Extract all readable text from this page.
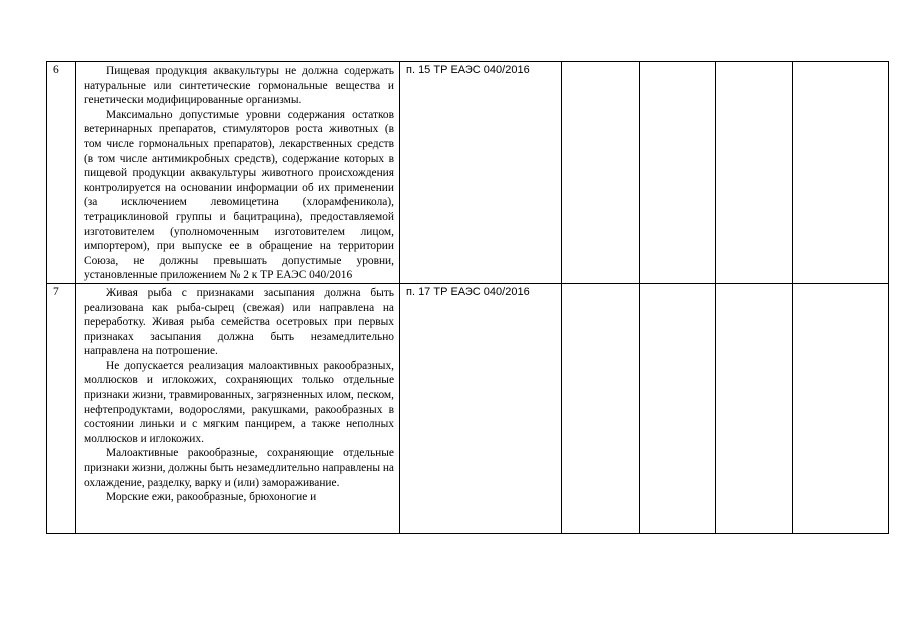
6	Пищевая продукция аквакультуры не должна содержать натуральные или синтетические гормональные вещества и генетически модифицированные организмы.

Максимально допустимые уровни содержания остатков ветеринарных препаратов, стимуляторов роста животных (в том числе гормональных препаратов), лекарственных средств (в том числе антимикробных средств), содержание которых в пищевой продукции аквакультуры животного происхождения контролируется на основании информации об их применении (за исключением левомицетина (хлорамфеникола), тетрациклиновой группы и бацитрацина), предоставляемой изготовителем (уполномоченным изготовителем лицом, импортером), при выпуске ее в обращение на территории Союза, не должны превышать допустимые уровни, установленные приложением № 2 к ТР ЕАЭС 040/2016	п. 15 ТР ЕАЭС 040/2016				
7	Живая рыба с признаками засыпания должна быть реализована как рыба-сырец (свежая) или направлена на переработку. Живая рыба семейства осетровых при первых признаках засыпания должна быть незамедлительно направлена на потрошение.

Не допускается реализация малоактивных ракообразных, моллюсков и иглокожих, сохраняющих только отдельные признаки жизни, травмированных, загрязненных илом, песком, нефтепродуктами, водорослями, ракушками, ракообразных в состоянии линьки и с мягким панцирем, а также неполных моллюсков и иглокожих.

Малоактивные ракообразные, сохраняющие отдельные признаки жизни, должны быть незамедлительно направлены на охлаждение, разделку, варку и (или) замораживание.

Морские ежи, ракообразные, брюхоногие и	п. 17 ТР ЕАЭС 040/2016				
